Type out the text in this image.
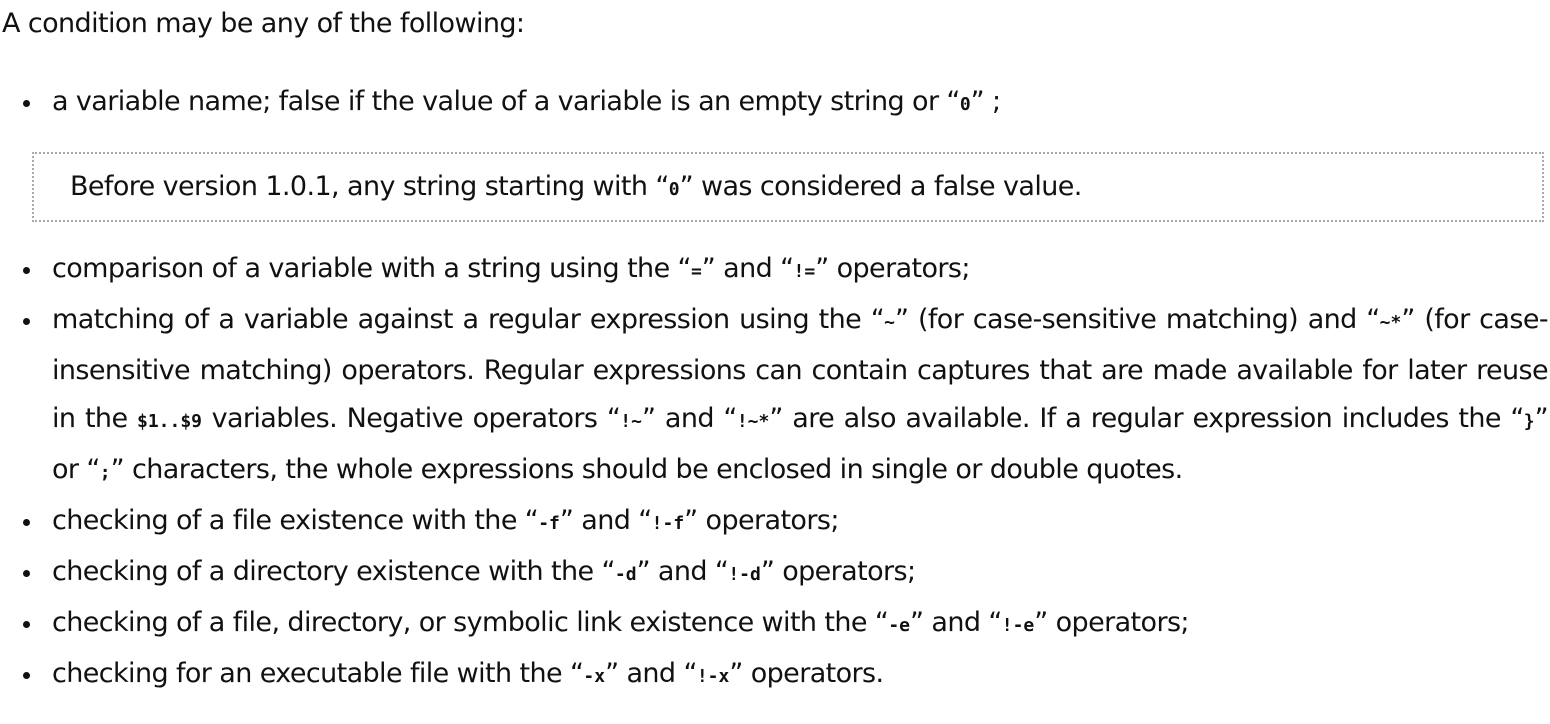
A condition may be any of the following:

a variable name; false if the value of a variable is an empty string or “0” ;
Before version 1.0.1, any string starting with “0” was considered a false value.
comparison of a variable with a string using the “=” and “!=” operators;
matching of a variable against a regular expression using the “~” (for case-sensitive matching) and “~*” (for case-insensitive matching) operators. Regular expressions can contain captures that are made available for later reuse in the $1..$9 variables. Negative operators “!~” and “!~*” are also available. If a regular expression includes the “}” or “;” characters, the whole expressions should be enclosed in single or double quotes.
checking of a file existence with the “-f” and “!-f” operators;
checking of a directory existence with the “-d” and “!-d” operators;
checking of a file, directory, or symbolic link existence with the “-e” and “!-e” operators;
checking for an executable file with the “-x” and “!-x” operators.
